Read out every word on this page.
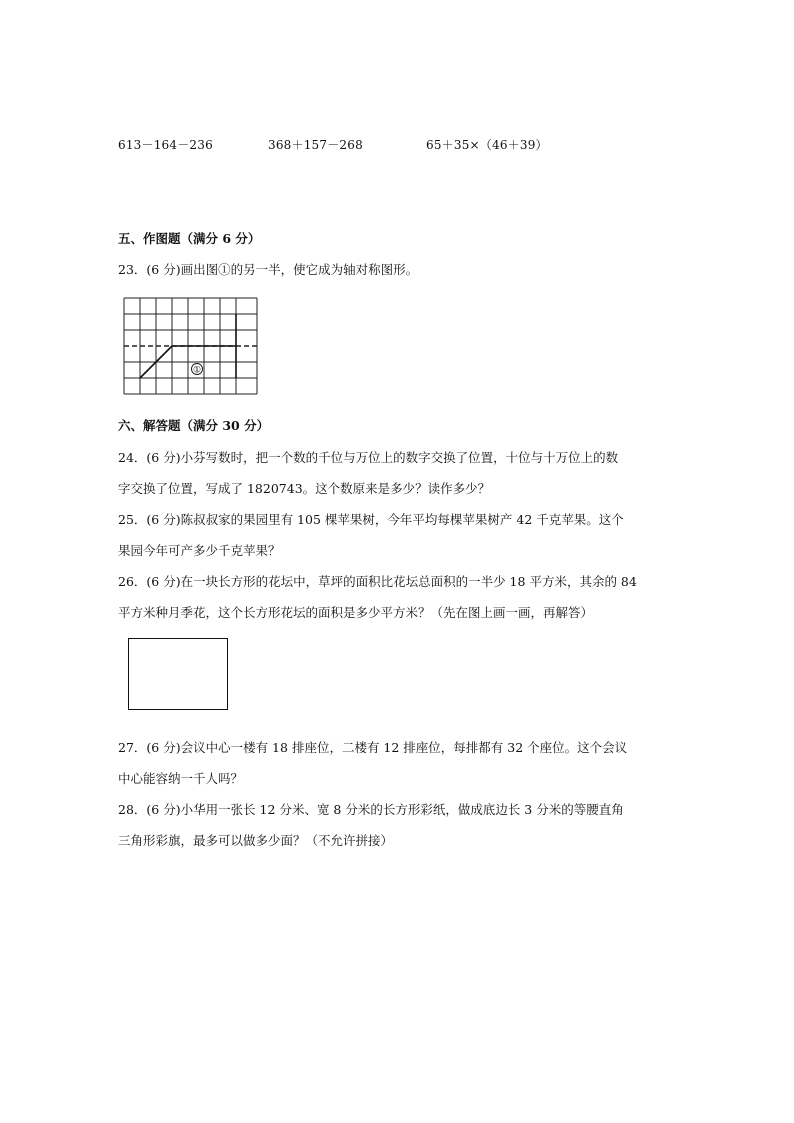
613－164－236	368＋157－268	65＋35×（46＋39）
五、作图题（满分 6 分）
23．(6 分)画出图①的另一半，使它成为轴对称图形。
①
六、解答题（满分 30 分）
24．(6 分)小芬写数时，把一个数的千位与万位上的数字交换了位置，十位与十万位上的数
字交换了位置，写成了 1820743。这个数原来是多少？读作多少？
25．(6 分)陈叔叔家的果园里有 105 棵苹果树，今年平均每棵苹果树产 42 千克苹果。这个
果园今年可产多少千克苹果？
26．(6 分)在一块长方形的花坛中，草坪的面积比花坛总面积的一半少 18 平方米，其余的 84
平方米种月季花，这个长方形花坛的面积是多少平方米？（先在图上画一画，再解答）
27．(6 分)会议中心一楼有 18 排座位，二楼有 12 排座位，每排都有 32 个座位。这个会议
中心能容纳一千人吗？
28．(6 分)小华用一张长 12 分米、宽 8 分米的长方形彩纸，做成底边长 3 分米的等腰直角
三角形彩旗，最多可以做多少面？（不允许拼接）
